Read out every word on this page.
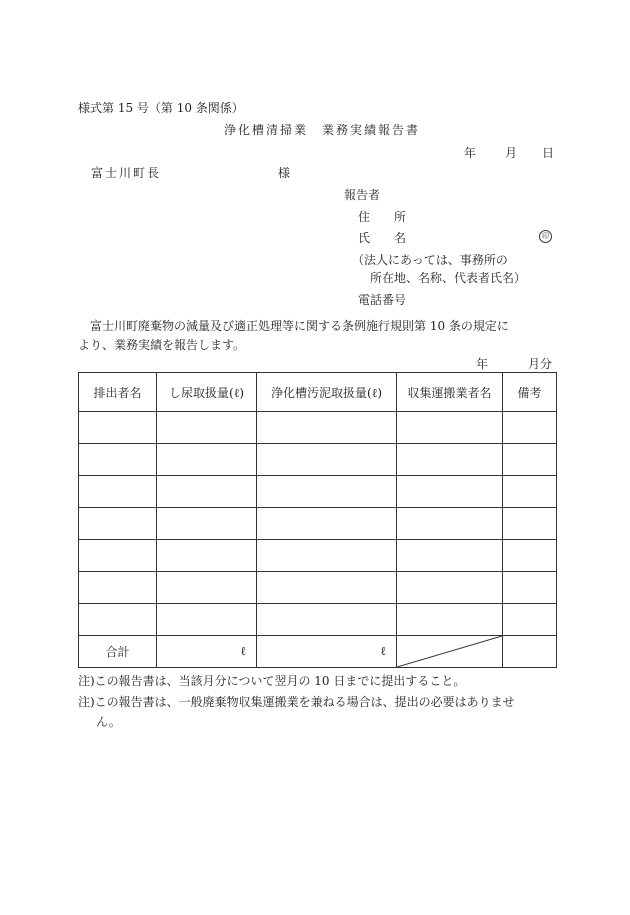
様式第 15 号（第 10 条関係）
浄化槽清掃業　業務実績報告書
年 月 日
富士川町長	様
報告者
住　　所
氏　　名	印
（法人にあっては、事務所の
所在地、名称、代表者氏名）
電話番号
富士川町廃棄物の減量及び適正処理等に関する条例施行規則第 10 条の規定に
より、業務実績を報告します。
年	月分
排出者名	し尿取扱量(ℓ)	浄化槽汚泥取扱量(ℓ)	収集運搬業者名	備考

合計	ℓ	ℓ	

注)この報告書は、当該月分について翌月の 10 日までに提出すること。
注)この報告書は、一般廃棄物収集運搬業を兼ねる場合は、提出の必要はありませ
ん。
